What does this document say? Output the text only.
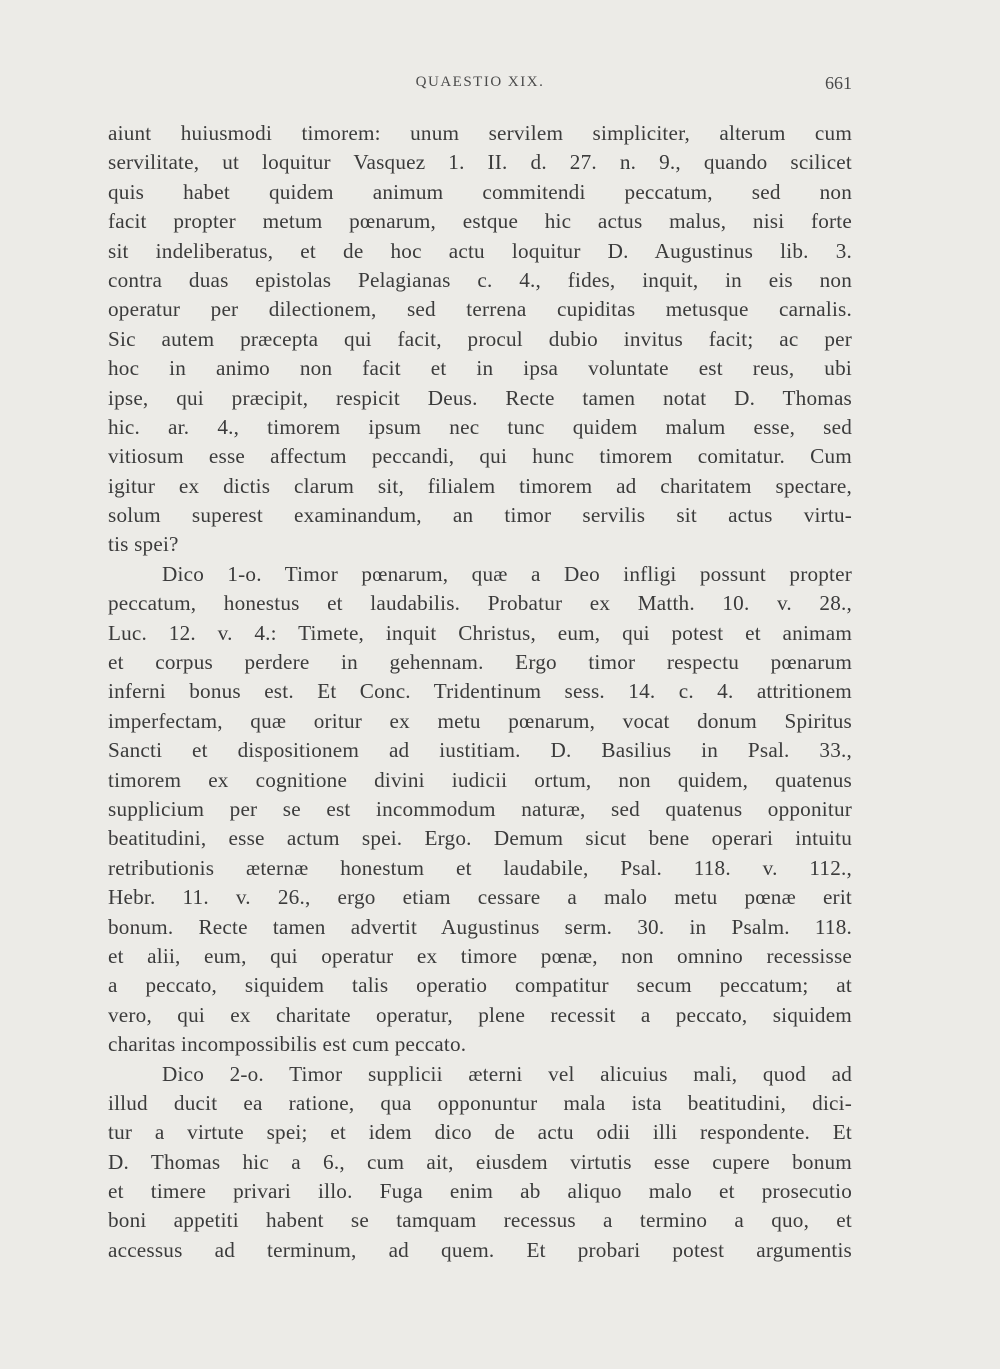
QUAESTIO XIX.	661
aiunt huiusmodi timorem: unum servilem simpliciter, alterum cum
servilitate, ut loquitur Vasquez 1. II. d. 27. n. 9., quando scilicet
quis habet quidem animum commitendi peccatum, sed non
facit propter metum pœnarum, estque hic actus malus, nisi forte
sit indeliberatus, et de hoc actu loquitur D. Augustinus lib. 3.
contra duas epistolas Pelagianas c. 4., fides, inquit, in eis non
operatur per dilectionem, sed terrena cupiditas metusque carnalis.
Sic autem præcepta qui facit, procul dubio invitus facit; ac per
hoc in animo non facit et in ipsa voluntate est reus, ubi
ipse, qui præcipit, respicit Deus. Recte tamen notat D. Thomas
hic. ar. 4., timorem ipsum nec tunc quidem malum esse, sed
vitiosum esse affectum peccandi, qui hunc timorem comitatur. Cum
igitur ex dictis clarum sit, filialem timorem ad charitatem spectare,
solum superest examinandum, an timor servilis sit actus virtu-
tis spei?
Dico 1-o. Timor pœnarum, quæ a Deo infligi possunt propter
peccatum, honestus et laudabilis. Probatur ex Matth. 10. v. 28.,
Luc. 12. v. 4.: Timete, inquit Christus, eum, qui potest et animam
et corpus perdere in gehennam. Ergo timor respectu pœnarum
inferni bonus est. Et Conc. Tridentinum sess. 14. c. 4. attritionem
imperfectam, quæ oritur ex metu pœnarum, vocat donum Spiritus
Sancti et dispositionem ad iustitiam. D. Basilius in Psal. 33.,
timorem ex cognitione divini iudicii ortum, non quidem, quatenus
supplicium per se est incommodum naturæ, sed quatenus opponitur
beatitudini, esse actum spei. Ergo. Demum sicut bene operari intuitu
retributionis æternæ honestum et laudabile, Psal. 118. v. 112.,
Hebr. 11. v. 26., ergo etiam cessare a malo metu pœnæ erit
bonum. Recte tamen advertit Augustinus serm. 30. in Psalm. 118.
et alii, eum, qui operatur ex timore pœnæ, non omnino recessisse
a peccato, siquidem talis operatio compatitur secum peccatum; at
vero, qui ex charitate operatur, plene recessit a peccato, siquidem
charitas incompossibilis est cum peccato.
Dico 2-o. Timor supplicii æterni vel alicuius mali, quod ad
illud ducit ea ratione, qua opponuntur mala ista beatitudini, dici-
tur a virtute spei; et idem dico de actu odii illi respondente. Et
D. Thomas hic a 6., cum ait, eiusdem virtutis esse cupere bonum
et timere privari illo. Fuga enim ab aliquo malo et prosecutio
boni appetiti habent se tamquam recessus a termino a quo, et
accessus ad terminum, ad quem. Et probari potest argumentis
